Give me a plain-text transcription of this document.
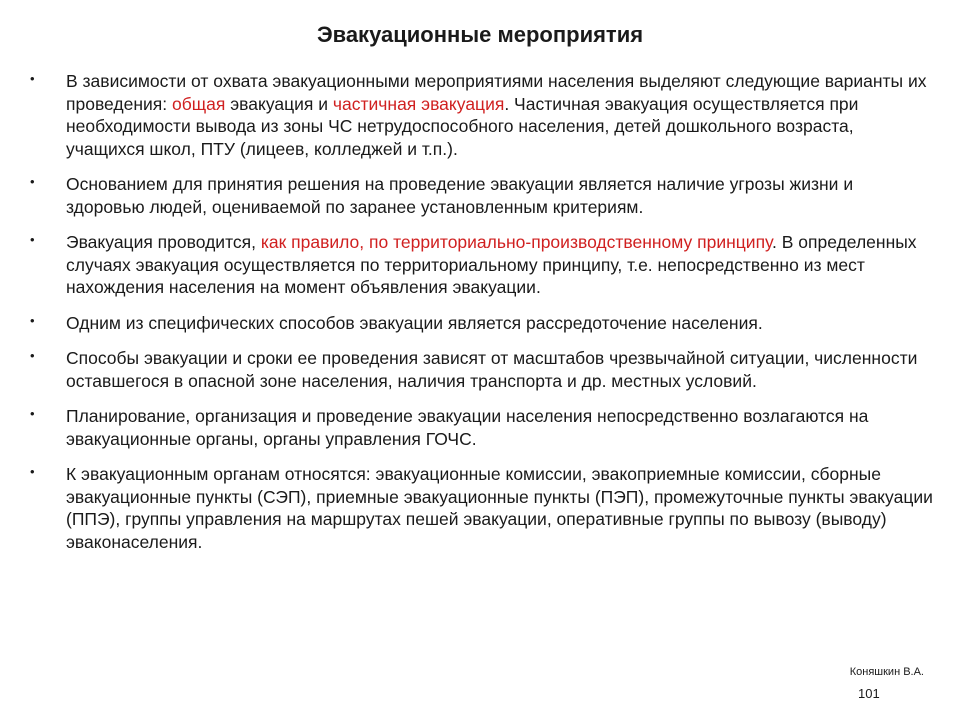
Эвакуационные мероприятия
• В зависимости от охвата эвакуационными мероприятиями населения выделяют следующие варианты их проведения: общая эвакуация и частичная эвакуация. Частичная эвакуация осуществляется при необходимости вывода из зоны ЧС нетрудоспособного населения, детей дошкольного возраста, учащихся школ, ПТУ (лицеев, колледжей и т.п.).
• Основанием для принятия решения на проведение эвакуации является наличие угрозы жизни и здоровью людей, оцениваемой по заранее установленным критериям.
• Эвакуация проводится, как правило, по территориально-производственному принципу. В определенных случаях эвакуация осуществляется по территориальному принципу, т.е. непосредственно из мест нахождения населения на момент объявления эвакуации.
• Одним из специфических способов эвакуации является рассредоточение населения.
• Способы эвакуации и сроки ее проведения зависят от масштабов чрезвычайной ситуации, численности оставшегося в опасной зоне населения, наличия транспорта и др. местных условий.
• Планирование, организация и проведение эвакуации населения непосредственно возлагаются на эвакуационные органы, органы управления ГОЧС.
• К эвакуационным органам относятся: эвакуационные комиссии, эвакоприемные комиссии, сборные эвакуационные пункты (СЭП), приемные эвакуационные пункты (ПЭП), промежуточные пункты эвакуации (ППЭ), группы управления на маршрутах пешей эвакуации, оперативные группы по вывозу (выводу) эваконаселения.
Коняшкин В.А.
101
